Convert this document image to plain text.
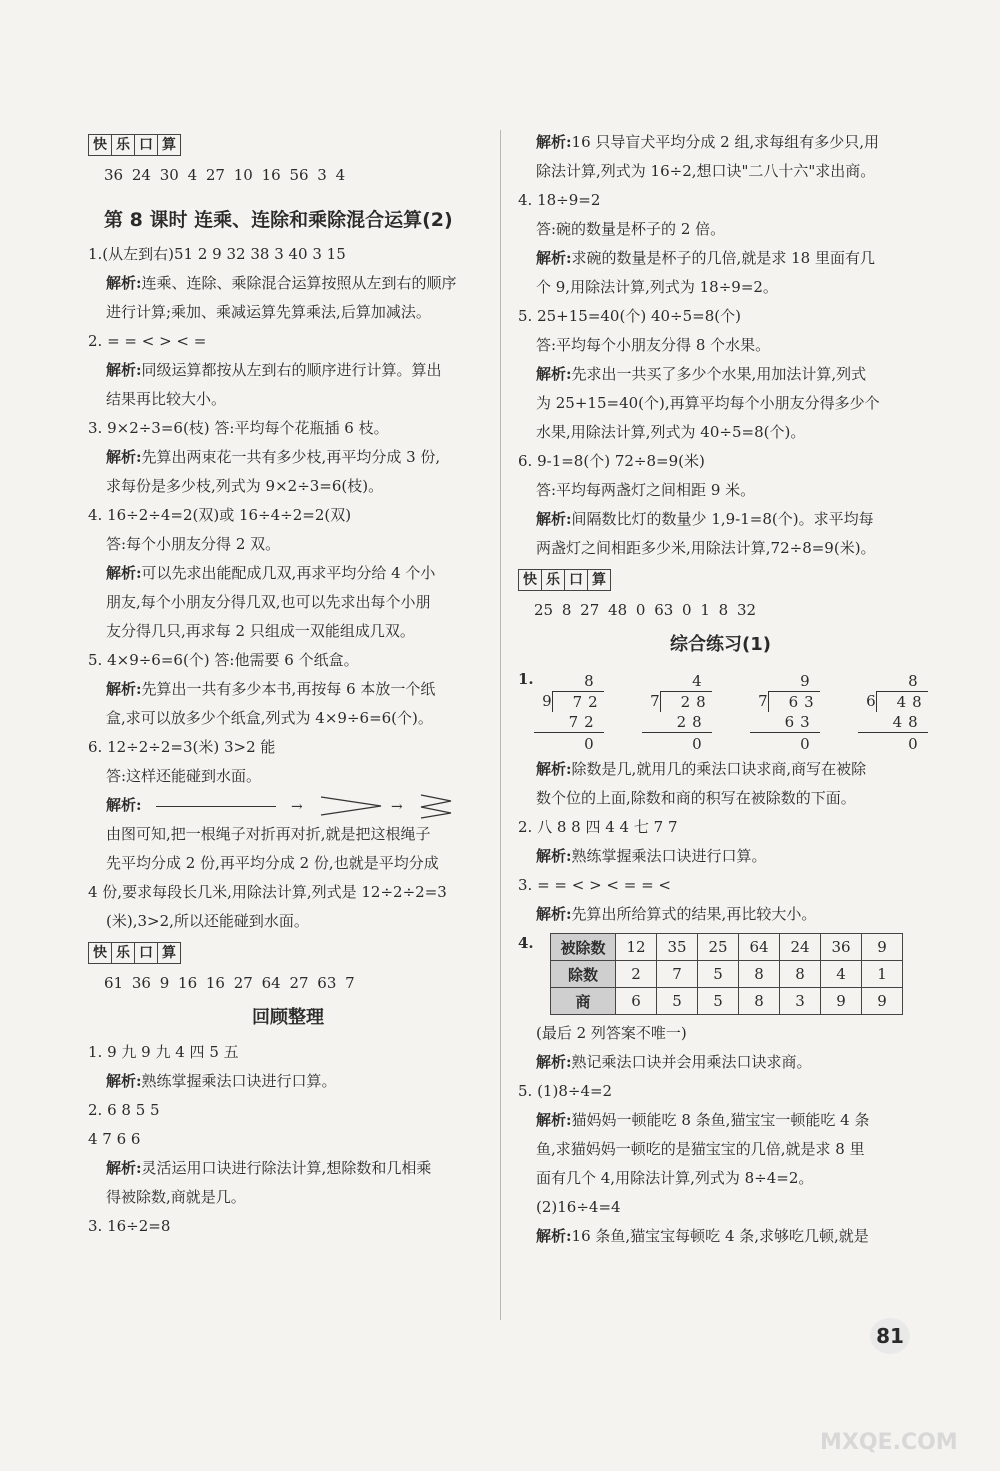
快 乐 口 算
36 24 30 4 27 10 16 56 3 4
第 8 课时 连乘、连除和乘除混合运算(2)
1.(从左到右)51 2 9 32 38 3 40 3 15
解析:连乘、连除、乘除混合运算按照从左到右的顺序
进行计算;乘加、乘减运算先算乘法,后算加减法。
2. = = < > < =
解析:同级运算都按从左到右的顺序进行计算。算出
结果再比较大小。
3. 9×2÷3=6(枝) 答:平均每个花瓶插 6 枝。
解析:先算出两束花一共有多少枝,再平均分成 3 份,
求每份是多少枝,列式为 9×2÷3=6(枝)。
4. 16÷2÷4=2(双)或 16÷4÷2=2(双)
答:每个小朋友分得 2 双。
解析:可以先求出能配成几双,再求平均分给 4 个小
朋友,每个小朋友分得几双,也可以先求出每个小朋
友分得几只,再求每 2 只组成一双能组成几双。
5. 4×9÷6=6(个) 答:他需要 6 个纸盒。
解析:先算出一共有多少本书,再按每 6 本放一个纸
盒,求可以放多少个纸盒,列式为 4×9÷6=6(个)。
6. 12÷2÷2=3(米) 3>2 能
答:这样还能碰到水面。
解析:	→	→
由图可知,把一根绳子对折再对折,就是把这根绳子
先平均分成 2 份,再平均分成 2 份,也就是平均分成
4 份,要求每段长几米,用除法计算,列式是 12÷2÷2=3
(米),3>2,所以还能碰到水面。
快 乐 口 算
61 36 9 16 16 27 64 27 63 7
回顾整理
1. 9 九 9 九 4 四 5 五
解析:熟练掌握乘法口诀进行口算。
2. 6 8 5 5
4 7 6 6
解析:灵活运用口诀进行除法计算,想除数和几相乘
得被除数,商就是几。
3. 16÷2=8
解析:16 只导盲犬平均分成 2 组,求每组有多少只,用
除法计算,列式为 16÷2,想口诀"二八十六"求出商。
4. 18÷9=2
答:碗的数量是杯子的 2 倍。
解析:求碗的数量是杯子的几倍,就是求 18 里面有几
个 9,用除法计算,列式为 18÷9=2。
5. 25+15=40(个) 40÷5=8(个)
答:平均每个小朋友分得 8 个水果。
解析:先求出一共买了多少个水果,用加法计算,列式
为 25+15=40(个),再算平均每个小朋友分得多少个
水果,用除法计算,列式为 40÷5=8(个)。
6. 9-1=8(个) 72÷8=9(米)
答:平均每两盏灯之间相距 9 米。
解析:间隔数比灯的数量少 1,9-1=8(个)。求平均每
两盏灯之间相距多少米,用除法计算,72÷8=9(米)。
快 乐 口 算
25 8 27 48 0 63 0 1 8 32
综合练习(1)
1.	8
9	72
72
0
4
7	28
28
0
9
7	63
63
0
8
6	48
48
0
解析:除数是几,就用几的乘法口诀求商,商写在被除
数个位的上面,除数和商的积写在被除数的下面。
2. 八 8 8 四 4 4 七 7 7
解析:熟练掌握乘法口诀进行口算。
3. = = < > < = = <
解析:先算出所给算式的结果,再比较大小。
4. 被除数	12	35	25	64	24	36	9
除数	2	7	5	8	8	4	1
商	6	5	5	8	3	9	9
(最后 2 列答案不唯一)
解析:熟记乘法口诀并会用乘法口诀求商。
5. (1)8÷4=2
解析:猫妈妈一顿能吃 8 条鱼,猫宝宝一顿能吃 4 条
鱼,求猫妈妈一顿吃的是猫宝宝的几倍,就是求 8 里
面有几个 4,用除法计算,列式为 8÷4=2。
(2)16÷4=4
解析:16 条鱼,猫宝宝每顿吃 4 条,求够吃几顿,就是
81
MXQE.COM
